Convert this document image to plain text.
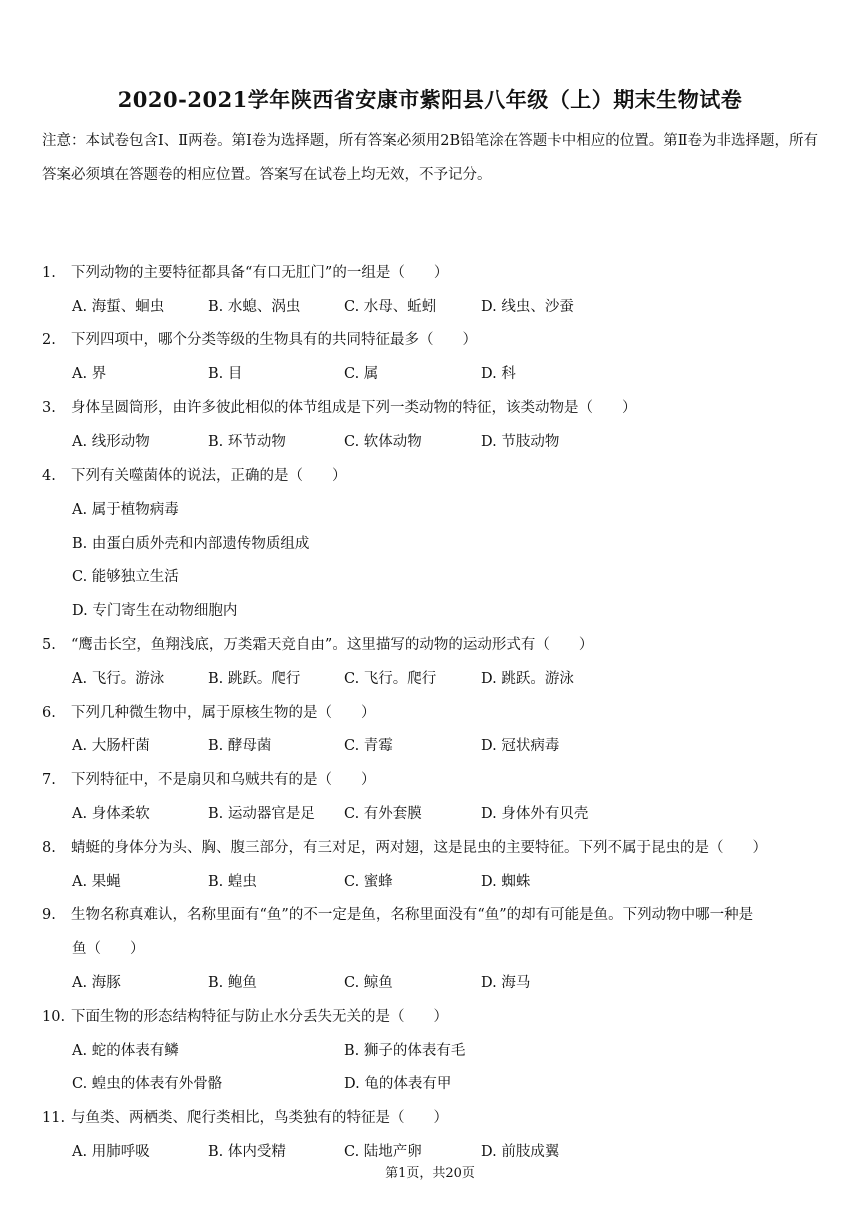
2020-2021学年陕西省安康市紫阳县八年级（上）期末生物试卷
注意：本试卷包含Ⅰ、Ⅱ两卷。第Ⅰ卷为选择题，所有答案必须用2B铅笔涂在答题卡中相应的位置。第Ⅱ卷为非选择题，所有答案必须填在答题卷的相应位置。答案写在试卷上均无效，不予记分。
1.	下列动物的主要特征都具备“有口无肛门”的一组是（　　）
A. 海蜇、蛔虫	B. 水螅、涡虫	C. 水母、蚯蚓	D. 线虫、沙蚕
2.	下列四项中，哪个分类等级的生物具有的共同特征最多（　　）
A. 界	B. 目	C. 属	D. 科
3.	身体呈圆筒形，由许多彼此相似的体节组成是下列一类动物的特征，该类动物是（　　）
A. 线形动物	B. 环节动物	C. 软体动物	D. 节肢动物
4.	下列有关噬菌体的说法，正确的是（　　）
A. 属于植物病毒
B. 由蛋白质外壳和内部遗传物质组成
C. 能够独立生活
D. 专门寄生在动物细胞内
5.	“鹰击长空，鱼翔浅底，万类霜天竞自由”。这里描写的动物的运动形式有（　　）
A. 飞行。游泳	B. 跳跃。爬行	C. 飞行。爬行	D. 跳跃。游泳
6.	下列几种微生物中，属于原核生物的是（　　）
A. 大肠杆菌	B. 酵母菌	C. 青霉	D. 冠状病毒
7.	下列特征中，不是扇贝和乌贼共有的是（　　）
A. 身体柔软	B. 运动器官是足 C. 有外套膜	D. 身体外有贝壳
8.	蜻蜓的身体分为头、胸、腹三部分，有三对足，两对翅，这是昆虫的主要特征。下列不属于昆虫的是（　　）
A. 果蝇	B. 蝗虫	C. 蜜蜂	D. 蜘蛛
9.	生物名称真难认，名称里面有“鱼”的不一定是鱼，名称里面没有“鱼”的却有可能是鱼。下列动物中哪一种是
鱼（　　）
A. 海豚	B. 鲍鱼	C. 鲸鱼	D. 海马
10. 下面生物的形态结构特征与防止水分丢失无关的是（　　）
A. 蛇的体表有鳞	B. 狮子的体表有毛
C. 蝗虫的体表有外骨骼	D. 龟的体表有甲
11. 与鱼类、两栖类、爬行类相比，鸟类独有的特征是（　　）
A. 用肺呼吸	B. 体内受精	C. 陆地产卵	D. 前肢成翼
第1页，共20页
